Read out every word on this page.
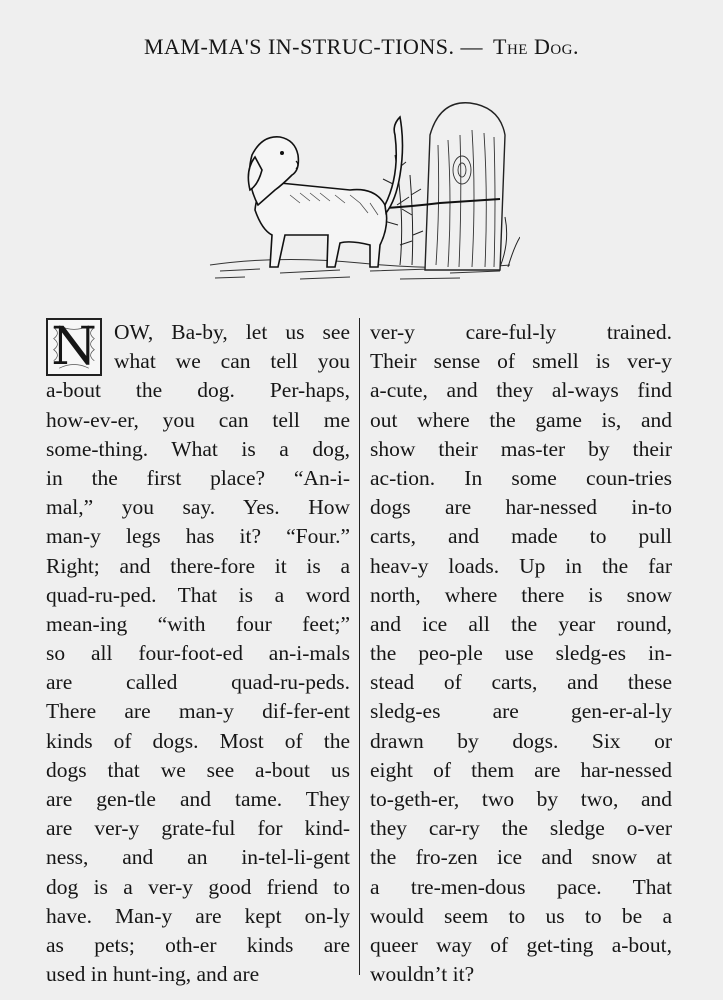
MAM-MA'S IN-STRUC-TIONS. — The Dog.
N OW, Ba-by, let us see
what we can tell you
a-bout the dog. Per-haps,
how-ev-er, you can tell me
some-thing. What is a dog,
in the first place? “An-i-
mal,” you say. Yes. How
man-y legs has it? “Four.”
Right; and there-fore it is a
quad-ru-ped. That is a word
mean-ing “with four feet;”
so all four-foot-ed an-i-mals
are called quad-ru-peds.
There are man-y dif-fer-ent
kinds of dogs. Most of the
dogs that we see a-bout us
are gen-tle and tame. They
are ver-y grate-ful for kind-
ness, and an in-tel-li-gent
dog is a ver-y good friend to
have. Man-y are kept on-ly
as pets; oth-er kinds are
used in hunt-ing, and are
ver-y care-ful-ly trained.
Their sense of smell is ver-y
a-cute, and they al-ways find
out where the game is, and
show their mas-ter by their
ac-tion. In some coun-tries
dogs are har-nessed in-to
carts, and made to pull
heav-y loads. Up in the far
north, where there is snow
and ice all the year round,
the peo-ple use sledg-es in-
stead of carts, and these
sledg-es are gen-er-al-ly
drawn by dogs. Six or
eight of them are har-nessed
to-geth-er, two by two, and
they car-ry the sledge o-ver
the fro-zen ice and snow at
a tre-men-dous pace. That
would seem to us to be a
queer way of get-ting a-bout,
wouldn’t it?
